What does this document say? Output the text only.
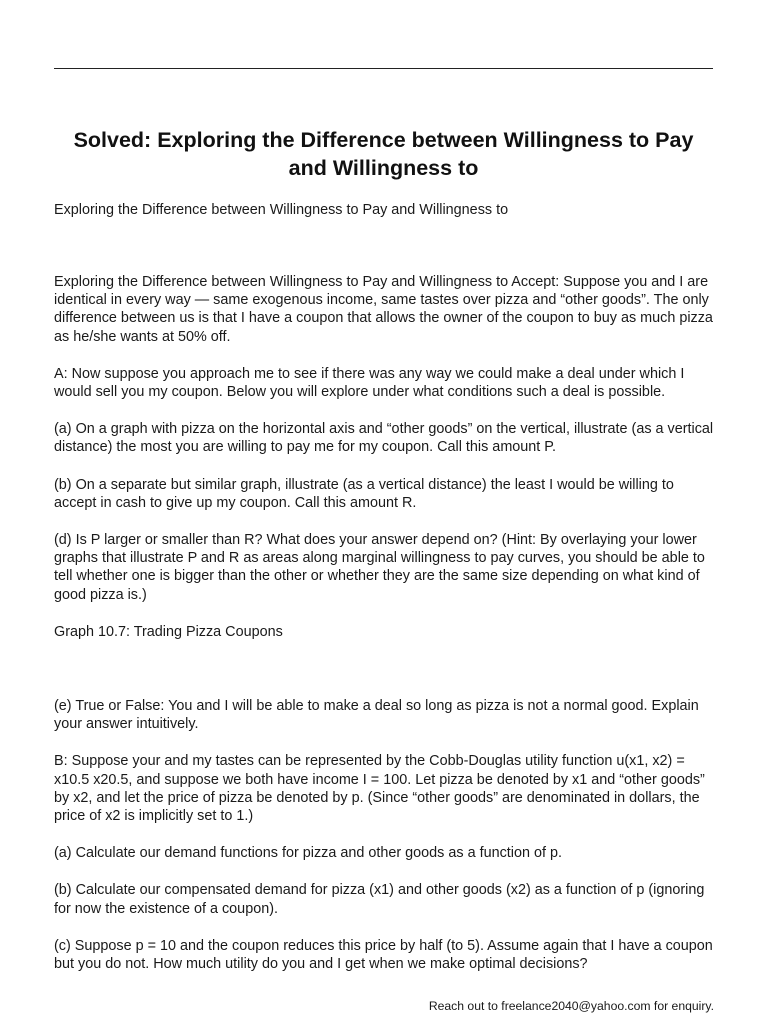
Solved: Exploring the Difference between Willingness to Pay and Willingness to

Exploring the Difference between Willingness to Pay and Willingness to

Exploring the Difference between Willingness to Pay and Willingness to Accept: Suppose you and I are identical in every way — same exogenous income, same tastes over pizza and “other goods”. The only difference between us is that I have a coupon that allows the owner of the coupon to buy as much pizza as he/she wants at 50% off.

A: Now suppose you approach me to see if there was any way we could make a deal under which I would sell you my coupon. Below you will explore under what conditions such a deal is possible.

(a) On a graph with pizza on the horizontal axis and “other goods” on the vertical, illustrate (as a vertical distance) the most you are willing to pay me for my coupon. Call this amount P.

(b) On a separate but similar graph, illustrate (as a vertical distance) the least I would be willing to accept in cash to give up my coupon. Call this amount R.

(d) Is P larger or smaller than R? What does your answer depend on? (Hint: By overlaying your lower graphs that illustrate P and R as areas along marginal willingness to pay curves, you should be able to tell whether one is bigger than the other or whether they are the same size depending on what kind of good pizza is.)

Graph 10.7: Trading Pizza Coupons

(e) True or False: You and I will be able to make a deal so long as pizza is not a normal good. Explain your answer intuitively.

B: Suppose your and my tastes can be represented by the Cobb-Douglas utility function u(x1, x2) = x10.5 x20.5, and suppose we both have income I = 100. Let pizza be denoted by x1 and “other goods” by x2, and let the price of pizza be denoted by p. (Since “other goods” are denominated in dollars, the price of x2 is implicitly set to 1.)

(a) Calculate our demand functions for pizza and other goods as a function of p.

(b) Calculate our compensated demand for pizza (x1) and other goods (x2) as a function of p (ignoring for now the existence of a coupon).

(c) Suppose p = 10 and the coupon reduces this price by half (to 5). Assume again that I have a coupon but you do not. How much utility do you and I get when we make optimal decisions?

Reach out to freelance2040@yahoo.com for enquiry.
